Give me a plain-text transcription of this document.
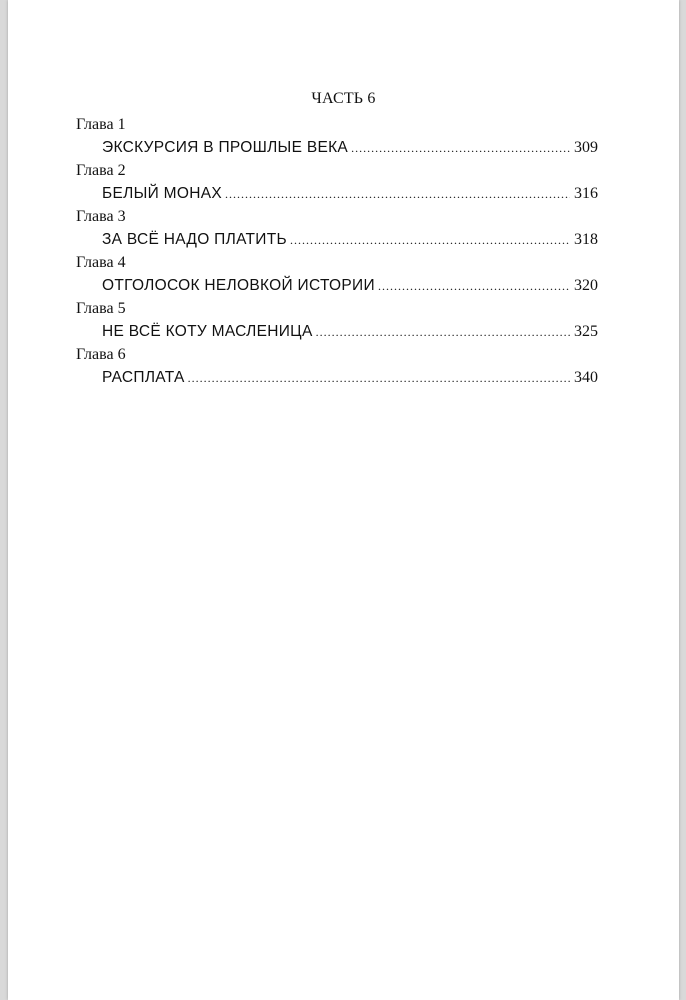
ЧАСТЬ 6
Глава 1
ЭКСКУРСИЯ В ПРОШЛЫЕ ВЕКА .....	309
Глава 2
БЕЛЫЙ МОНАХ .....	316
Глава 3
ЗА ВСЁ НАДО ПЛАТИТЬ .....	318
Глава 4
ОТГОЛОСОК НЕЛОВКОЙ ИСТОРИИ .....	320
Глава 5
НЕ ВСЁ КОТУ МАСЛЕНИЦА .....	325
Глава 6
РАСПЛАТА .....	340
